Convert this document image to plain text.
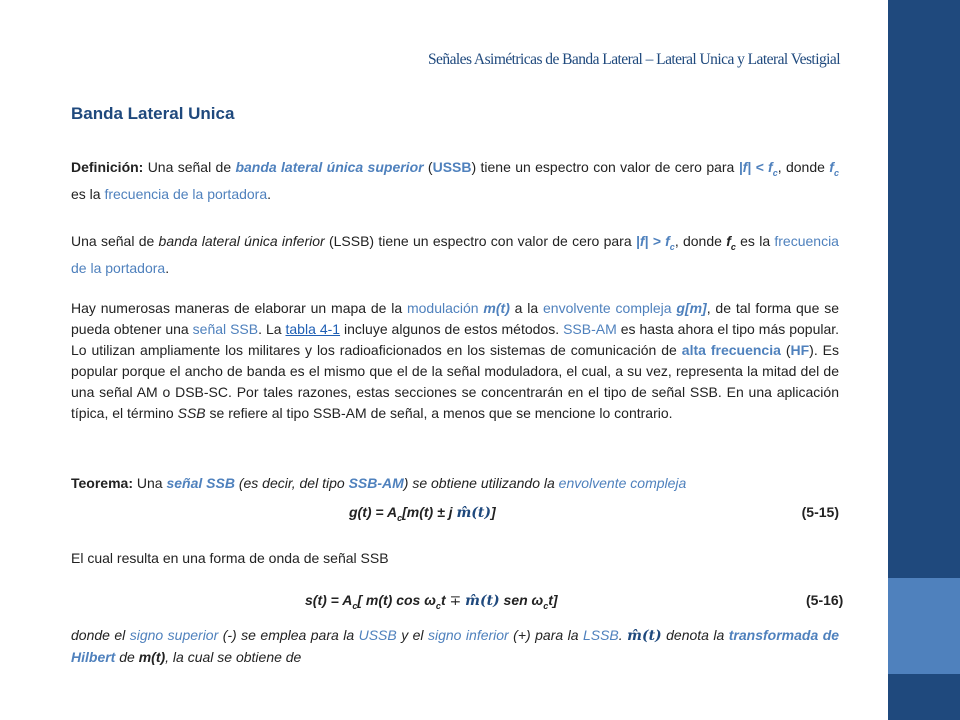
Señales Asimétricas de Banda Lateral – Lateral Unica y Lateral Vestigial
Banda Lateral Unica

Definición: Una señal de banda lateral única superior (USSB) tiene un espectro con valor de cero para $|f| < f_c$, donde $f_c$ es la frecuencia de la portadora.

Una señal de banda lateral única inferior (LSSB) tiene un espectro con valor de cero para $|f| > f_c$, donde $f_c$ es la frecuencia de la portadora.

Hay numerosas maneras de elaborar un mapa de la modulación m(t) a la envolvente compleja g[m], de tal forma que se pueda obtener una señal SSB. La tabla 4-1 incluye algunos de estos métodos. SSB-AM es hasta ahora el tipo más popular. Lo utilizan ampliamente los militares y los radioaficionados en los sistemas de comunicación de alta frecuencia (HF). Es popular porque el ancho de banda es el mismo que el de la señal moduladora, el cual, a su vez, representa la mitad del de una señal AM o DSB-SC. Por tales razones, estas secciones se concentrarán en el tipo de señal SSB. En una aplicación típica, el término SSB se refiere al tipo SSB-AM de señal, a menos que se mencione lo contrario.

Teorema: Una señal SSB (es decir, del tipo SSB-AM) se obtiene utilizando la envolvente compleja

$g(t) = A_c[m(t) \pm j$ m̂(t)]	(5-15)

El cual resulta en una forma de onda de señal SSB

$s(t) = A_c$[ m(t) $\cos \omega_ct$ ∓ m̂(t) sen $\omega_ct$]	(5-16)

donde el signo superior (-) se emplea para la USSB y el signo inferior (+) para la LSSB. m̂(t) denota la transformada de Hilbert de m(t), la cual se obtiene de
